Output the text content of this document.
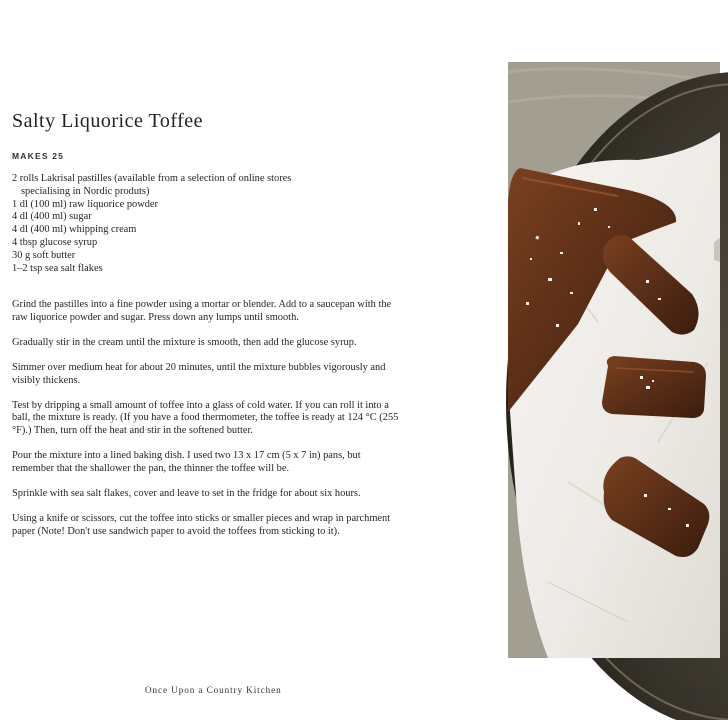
Salty Liquorice Toffee
MAKES 25
2 rolls Lakrisal pastilles (available from a selection of online stores specialising in Nordic produts)
1 dl (100 ml) raw liquorice powder
4 dl (400 ml) sugar
4 dl (400 ml) whipping cream
4 tbsp glucose syrup
30 g soft butter
1–2 tsp sea salt flakes

Grind the pastilles into a fine powder using a mortar or blender. Add to a saucepan with the raw liquorice powder and sugar. Press down any lumps until smooth.

Gradually stir in the cream until the mixture is smooth, then add the glucose syrup.

Simmer over medium heat for about 20 minutes, until the mixture bubbles vigorously and visibly thickens.

Test by dripping a small amount of toffee into a glass of cold water. If you can roll it into a ball, the mixture is ready. (If you have a food thermometer, the toffee is ready at 124 °C (255 °F).) Then, turn off the heat and stir in the softened butter.

Pour the mixture into a lined baking dish. I used two 13 x 17 cm (5 x 7 in) pans, but remember that the shallower the pan, the thinner the toffee will be.

Sprinkle with sea salt flakes, cover and leave to set in the fridge for about six hours.

Using a knife or scissors, cut the toffee into sticks or smaller pieces and wrap in parchment paper (Note! Don't use sandwich paper to avoid the toffees from sticking to it).

Once Upon a Country Kitchen	Once Upon a Co
